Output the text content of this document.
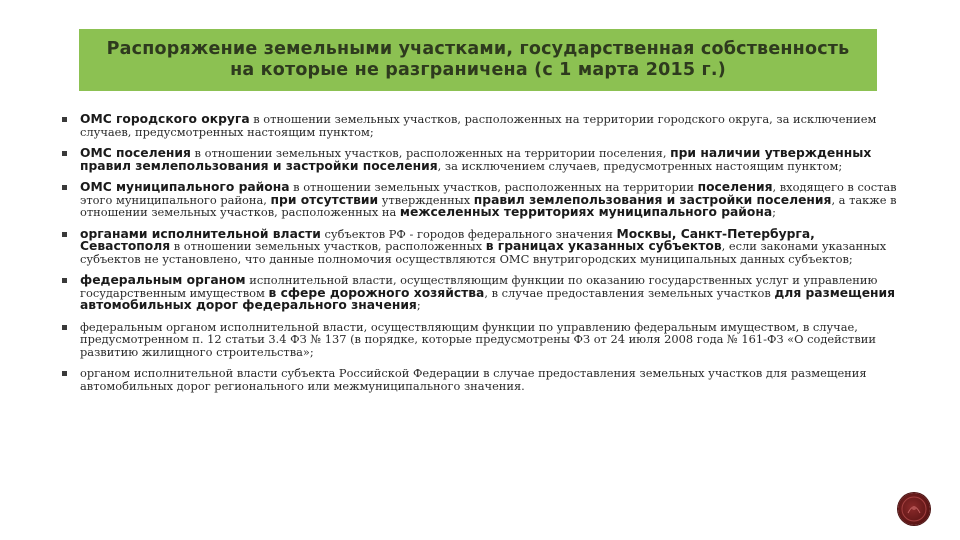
Распоряжение земельными участками, государственная собственность
на которые не разграничена (с 1 марта 2015 г.)
ОМС городского округа в отношении земельных участков, расположенных на территории городского округа, за исключением случаев, предусмотренных настоящим пунктом;
ОМС поселения в отношении земельных участков, расположенных на территории поселения, при наличии утвержденных правил землепользования и застройки поселения, за исключением случаев, предусмотренных настоящим пунктом;
ОМС муниципального района в отношении земельных участков, расположенных на территории поселения, входящего в состав этого муниципального района, при отсутствии утвержденных правил землепользования и застройки поселения, а также в отношении земельных участков, расположенных на межселенных территориях муниципального района;
органами исполнительной власти субъектов РФ - городов федерального значения Москвы, Санкт-Петербурга, Севастополя в отношении земельных участков, расположенных в границах указанных субъектов, если законами указанных субъектов не установлено, что данные полномочия осуществляются ОМС внутригородских муниципальных данных субъектов;
федеральным органом исполнительной власти, осуществляющим функции по оказанию государственных услуг и управлению государственным имуществом в сфере дорожного хозяйства, в случае предоставления земельных участков для размещения автомобильных дорог федерального значения;
федеральным органом исполнительной власти, осуществляющим функции по управлению федеральным имуществом, в случае, предусмотренном п. 12 статьи 3.4 ФЗ № 137 (в порядке, которые предусмотрены ФЗ от 24 июля 2008 года № 161-ФЗ «О содействии развитию жилищного строительства»;
органом исполнительной власти субъекта Российской Федерации в случае предоставления земельных участков для размещения автомобильных дорог регионального или межмуниципального значения.
